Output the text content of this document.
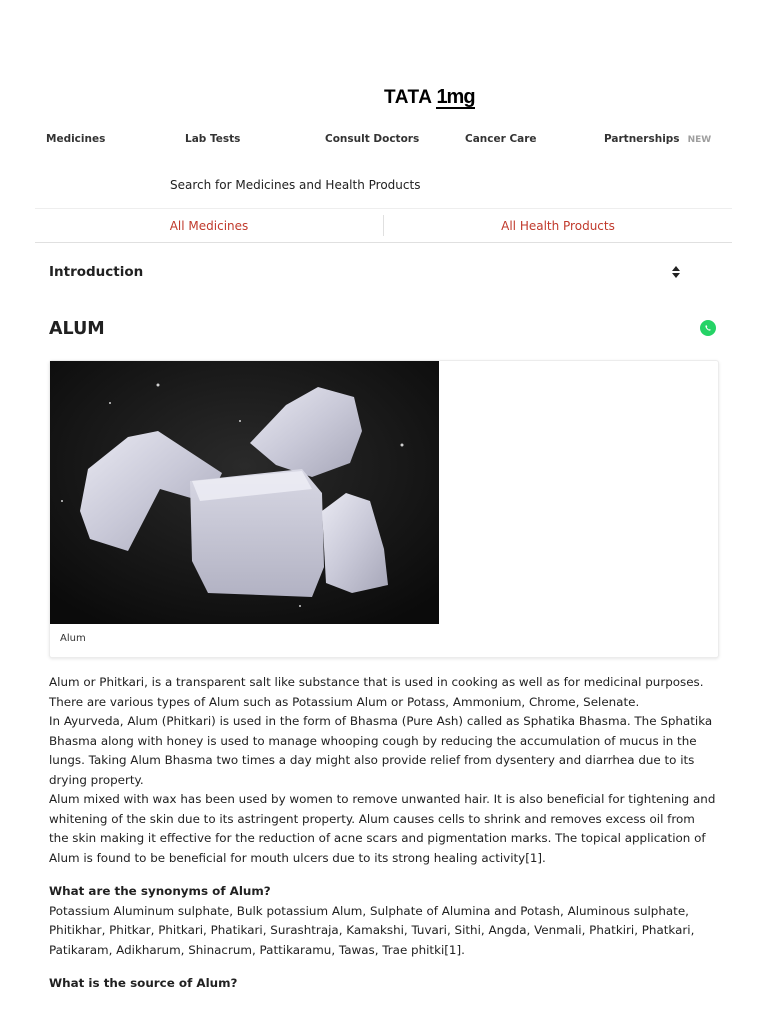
TATA 1mg
Medicines	Lab Tests	Consult Doctors	Cancer Care	Partnerships NEW
Search for Medicines and Health Products
All Medicines	All Health Products
Introduction
ALUM
Alum

Alum or Phitkari, is a transparent salt like substance that is used in cooking as well as for medicinal purposes. There are various types of Alum such as Potassium Alum or Potass, Ammonium, Chrome, Selenate.

In Ayurveda, Alum (Phitkari) is used in the form of Bhasma (Pure Ash) called as Sphatika Bhasma. The Sphatika Bhasma along with honey is used to manage whooping cough by reducing the accumulation of mucus in the lungs. Taking Alum Bhasma two times a day might also provide relief from dysentery and diarrhea due to its drying property.

Alum mixed with wax has been used by women to remove unwanted hair. It is also beneficial for tightening and whitening of the skin due to its astringent property. Alum causes cells to shrink and removes excess oil from the skin making it effective for the reduction of acne scars and pigmentation marks. The topical application of Alum is found to be beneficial for mouth ulcers due to its strong healing activity[1].

What are the synonyms of Alum?

Potassium Aluminum sulphate, Bulk potassium Alum, Sulphate of Alumina and Potash, Aluminous sulphate, Phitikhar, Phitkar, Phitkari, Phatikari, Surashtraja, Kamakshi, Tuvari, Sithi, Angda, Venmali, Phatkiri, Phatkari, Patikaram, Adikharum, Shinacrum, Pattikaramu, Tawas, Trae phitki[1].

What is the source of Alum?
